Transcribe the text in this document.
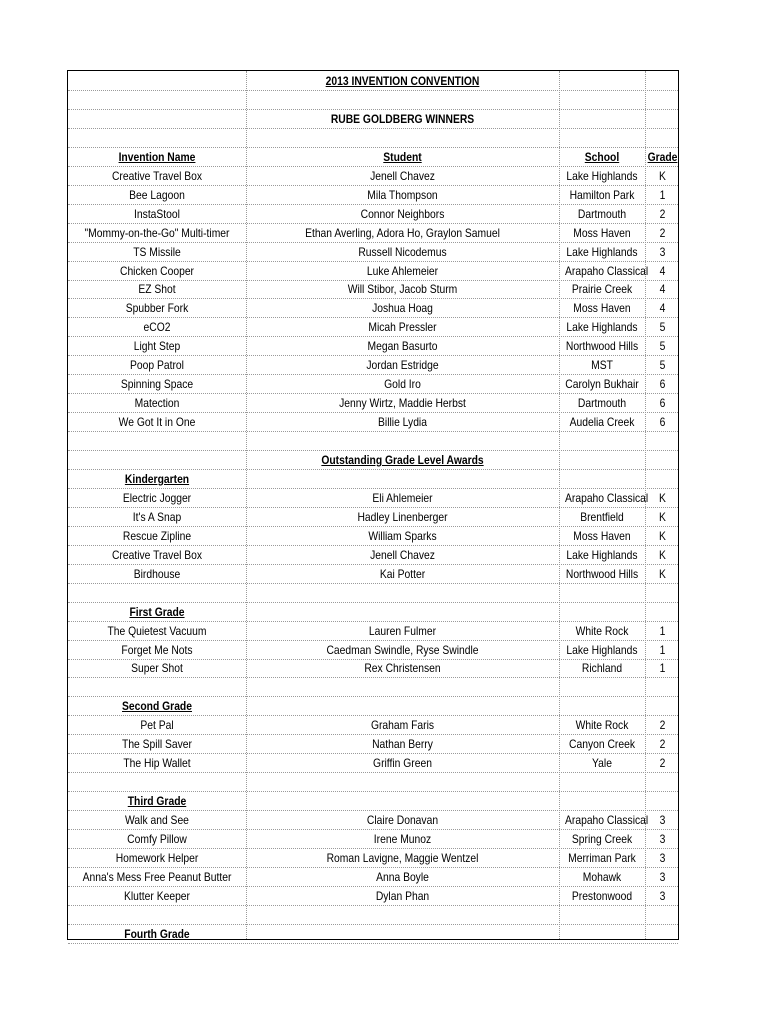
2013 INVENTION CONVENTION
RUBE GOLDBERG WINNERS
Invention Name	Student	School	Grade
Creative Travel Box	Jenell Chavez	Lake Highlands	K
Bee Lagoon	Mila Thompson	Hamilton Park	1
InstaStool	Connor Neighbors	Dartmouth	2
"Mommy-on-the-Go" Multi-timer	Ethan Averling, Adora Ho, Graylon Samuel	Moss Haven	2
TS Missile	Russell Nicodemus	Lake Highlands	3
Chicken Cooper	Luke Ahlemeier	Arapaho Classical 4
EZ Shot	Will Stibor, Jacob Sturm	Prairie Creek	4
Spubber Fork	Joshua Hoag	Moss Haven	4
eCO2	Micah Pressler	Lake Highlands	5
Light Step	Megan Basurto	Northwood Hills	5
Poop Patrol	Jordan Estridge	MST	5
Spinning Space	Gold Iro	Carolyn Bukhair	6
Matection	Jenny Wirtz, Maddie Herbst	Dartmouth	6
We Got It in One	Billie Lydia	Audelia Creek	6
Outstanding Grade Level Awards
Kindergarten
Electric Jogger	Eli Ahlemeier	Arapaho Classical K
It's A Snap	Hadley Linenberger	Brentfield	K
Rescue Zipline	William Sparks	Moss Haven	K
Creative Travel Box	Jenell Chavez	Lake Highlands	K
Birdhouse	Kai Potter	Northwood Hills	K
First Grade
The Quietest Vacuum	Lauren Fulmer	White Rock	1
Forget Me Nots	Caedman Swindle, Ryse Swindle	Lake Highlands	1
Super Shot	Rex Christensen	Richland	1
Second Grade
Pet Pal	Graham Faris	White Rock	2
The Spill Saver	Nathan Berry	Canyon Creek	2
The Hip Wallet	Griffin Green	Yale	2
Third Grade
Walk and See	Claire Donavan	Arapaho Classical 3
Comfy Pillow	Irene Munoz	Spring Creek	3
Homework Helper	Roman Lavigne, Maggie Wentzel	Merriman Park	3
Anna's Mess Free Peanut Butter	Anna Boyle	Mohawk	3
Klutter Keeper	Dylan Phan	Prestonwood	3
Fourth Grade
